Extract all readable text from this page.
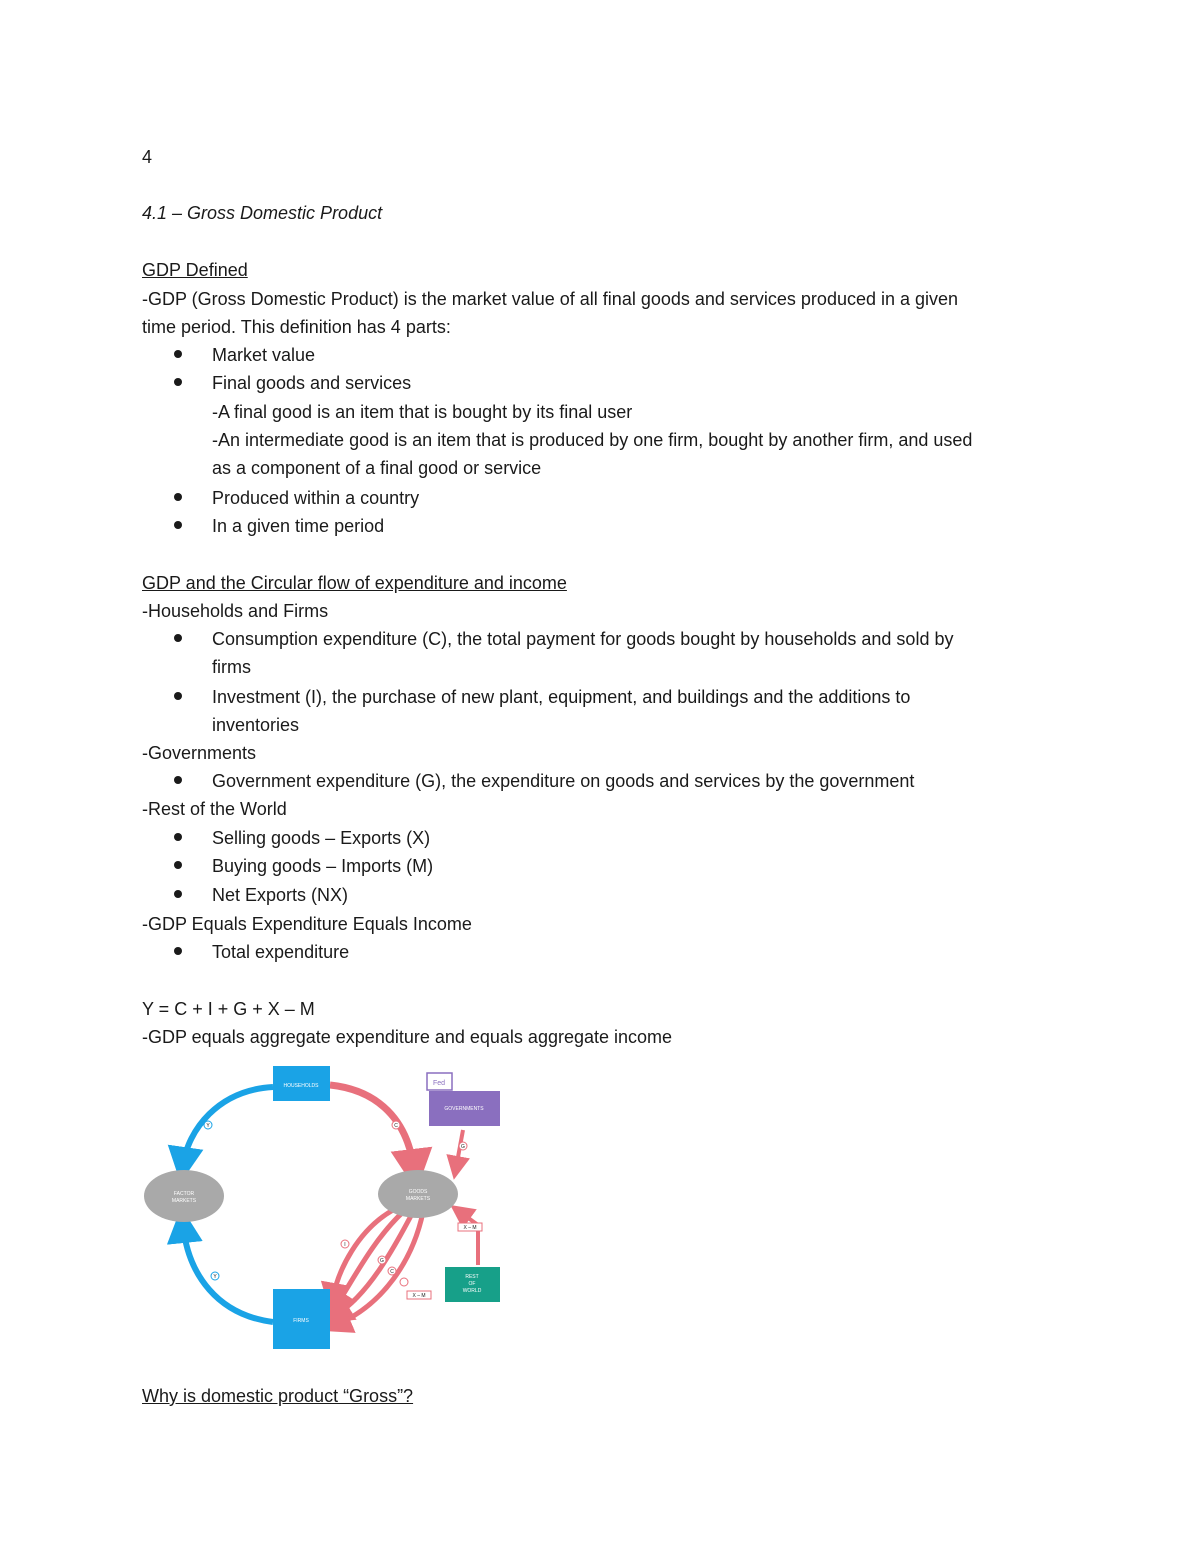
4
4.1 – Gross Domestic Product
GDP Defined
-GDP (Gross Domestic Product) is the market value of all final goods and services produced in a given
time period. This definition has 4 parts:
Market value
Final goods and services
-A final good is an item that is bought by its final user
-An intermediate good is an item that is produced by one firm, bought by another firm, and used
as a component of a final good or service
Produced within a country
In a given time period
GDP and the Circular flow of expenditure and income
-Households and Firms
Consumption expenditure (C), the total payment for goods bought by households and sold by
firms
Investment (I), the purchase of new plant, equipment, and buildings and the additions to
inventories
-Governments
Government expenditure (G), the expenditure on goods and services by the government
-Rest of the World
Selling goods – Exports (X)
Buying goods – Imports (M)
Net Exports (NX)
-GDP Equals Expenditure Equals Income
Total expenditure
Y = C + I + G + X – M
-GDP equals aggregate expenditure and equals aggregate income
HOUSEHOLDS
FIRMS
FACTOR
MARKETS
GOODS
MARKETS
Fed
GOVERNMENTS
REST
OF
WORLD
Y	C
G
X – M
I
G
C
X – M
Y
Why is domestic product “Gross”?
